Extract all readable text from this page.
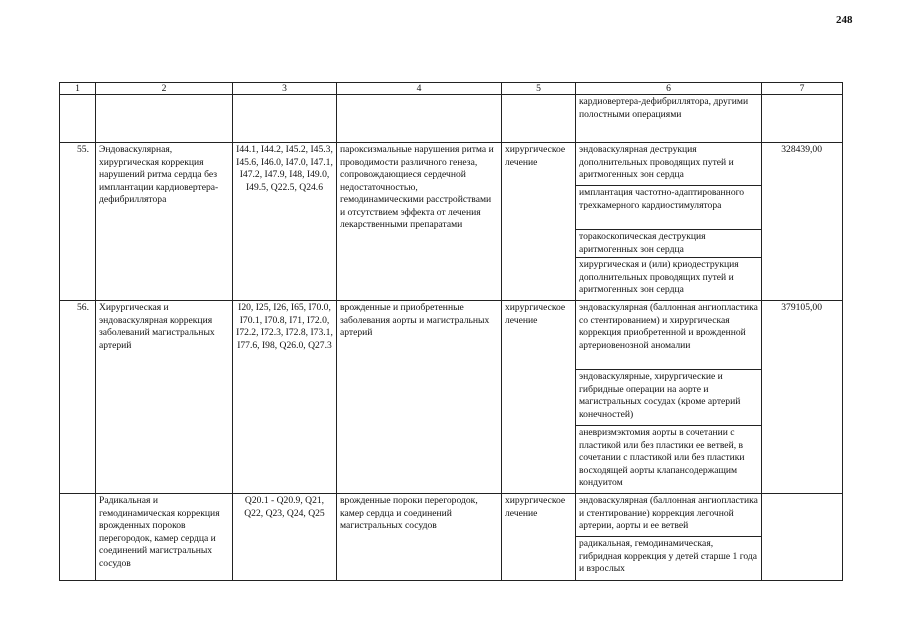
248
1	2	3	4	5	6	7
					кардиовертера-дефибриллятора, другими полостными операциями	
55.	Эндоваскулярная, хирургическая коррекция нарушений ритма сердца без имплантации кардиовертера-дефибриллятора	I44.1, I44.2, I45.2, I45.3, I45.6, I46.0, I47.0, I47.1, I47.2, I47.9, I48, I49.0, I49.5, Q22.5, Q24.6	пароксизмальные нарушения ритма и проводимости различного генеза, сопровождающиеся сердечной недостаточностью, гемодинамическими расстройствами и отсутствием эффекта от лечения лекарственными препаратами	хирургическое лечение	эндоваскулярная деструкция дополнительных проводящих путей и аритмогенных зон сердца	328439,00
					имплантация частотно-адаптированного трехкамерного кардиостимулятора	
					торакоскопическая деструкция аритмогенных зон сердца	
					хирургическая и (или) криодеструкция дополнительных проводящих путей и аритмогенных зон сердца	
56.	Хирургическая и эндоваскулярная коррекция заболеваний магистральных артерий	I20, I25, I26, I65, I70.0, I70.1, I70.8, I71, I72.0, I72.2, I72.3, I72.8, I73.1, I77.6, I98, Q26.0, Q27.3	врожденные и приобретенные заболевания аорты и магистральных артерий	хирургическое лечение	эндоваскулярная (баллонная ангиопластика со стентированием) и хирургическая коррекция приобретенной и врожденной артериовенозной аномалии	379105,00
					эндоваскулярные, хирургические и гибридные операции на аорте и магистральных сосудах (кроме артерий конечностей)	
					аневризмэктомия аорты в сочетании с пластикой или без пластики ее ветвей, в сочетании с пластикой или без пластики восходящей аорты клапансодержащим кондуитом	
	Радикальная и гемодинамическая коррекция врожденных пороков перегородок, камер сердца и соединений магистральных сосудов	Q20.1 - Q20.9, Q21, Q22, Q23, Q24, Q25	врожденные пороки перегородок, камер сердца и соединений магистральных сосудов	хирургическое лечение	эндоваскулярная (баллонная ангиопластика и стентирование) коррекция легочной артерии, аорты и ее ветвей	
					радикальная, гемодинамическая, гибридная коррекция у детей старше 1 года и взрослых	
